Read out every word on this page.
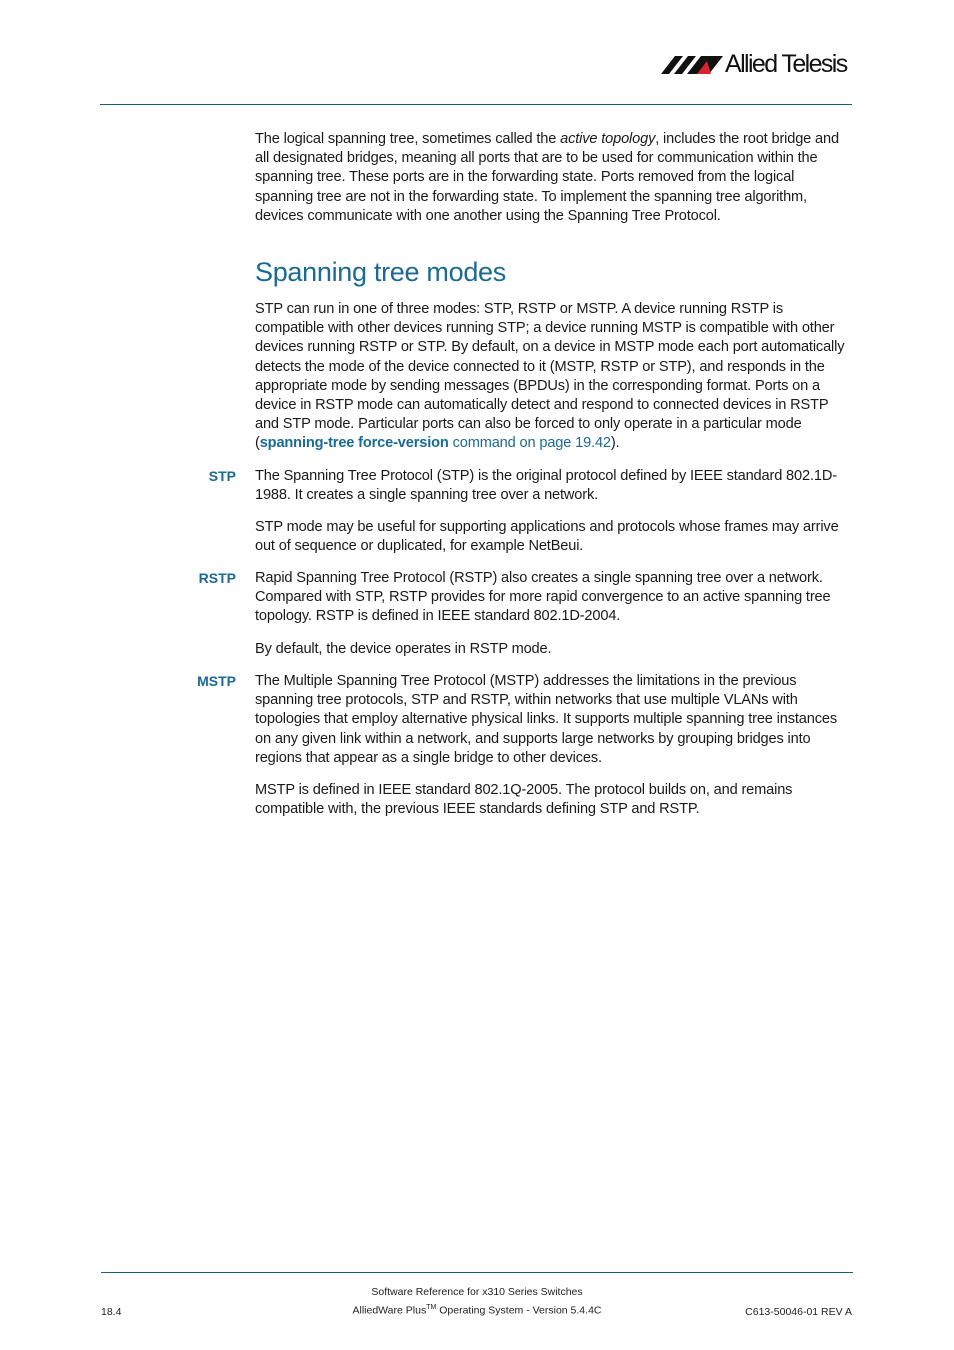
Allied Telesis

The logical spanning tree, sometimes called the active topology, includes the root bridge and all designated bridges, meaning all ports that are to be used for communication within the spanning tree. These ports are in the forwarding state. Ports removed from the logical spanning tree are not in the forwarding state. To implement the spanning tree algorithm, devices communicate with one another using the Spanning Tree Protocol.

Spanning tree modes

STP can run in one of three modes: STP, RSTP or MSTP. A device running RSTP is compatible with other devices running STP; a device running MSTP is compatible with other devices running RSTP or STP. By default, on a device in MSTP mode each port automatically detects the mode of the device connected to it (MSTP, RSTP or STP), and responds in the appropriate mode by sending messages (BPDUs) in the corresponding format. Ports on a device in RSTP mode can automatically detect and respond to connected devices in RSTP and STP mode. Particular ports can also be forced to only operate in a particular mode (spanning-tree force-version command on page 19.42).

STP The Spanning Tree Protocol (STP) is the original protocol defined by IEEE standard 802.1D-1988. It creates a single spanning tree over a network.

STP mode may be useful for supporting applications and protocols whose frames may arrive out of sequence or duplicated, for example NetBeui.

RSTP Rapid Spanning Tree Protocol (RSTP) also creates a single spanning tree over a network. Compared with STP, RSTP provides for more rapid convergence to an active spanning tree topology. RSTP is defined in IEEE standard 802.1D-2004.

By default, the device operates in RSTP mode.

MSTP The Multiple Spanning Tree Protocol (MSTP) addresses the limitations in the previous spanning tree protocols, STP and RSTP, within networks that use multiple VLANs with topologies that employ alternative physical links. It supports multiple spanning tree instances on any given link within a network, and supports large networks by grouping bridges into regions that appear as a single bridge to other devices.

MSTP is defined in IEEE standard 802.1Q-2005. The protocol builds on, and remains compatible with, the previous IEEE standards defining STP and RSTP.

Software Reference for x310 Series Switches
AlliedWare Plus™ Operating System - Version 5.4.4C
18.4	C613-50046-01 REV A
